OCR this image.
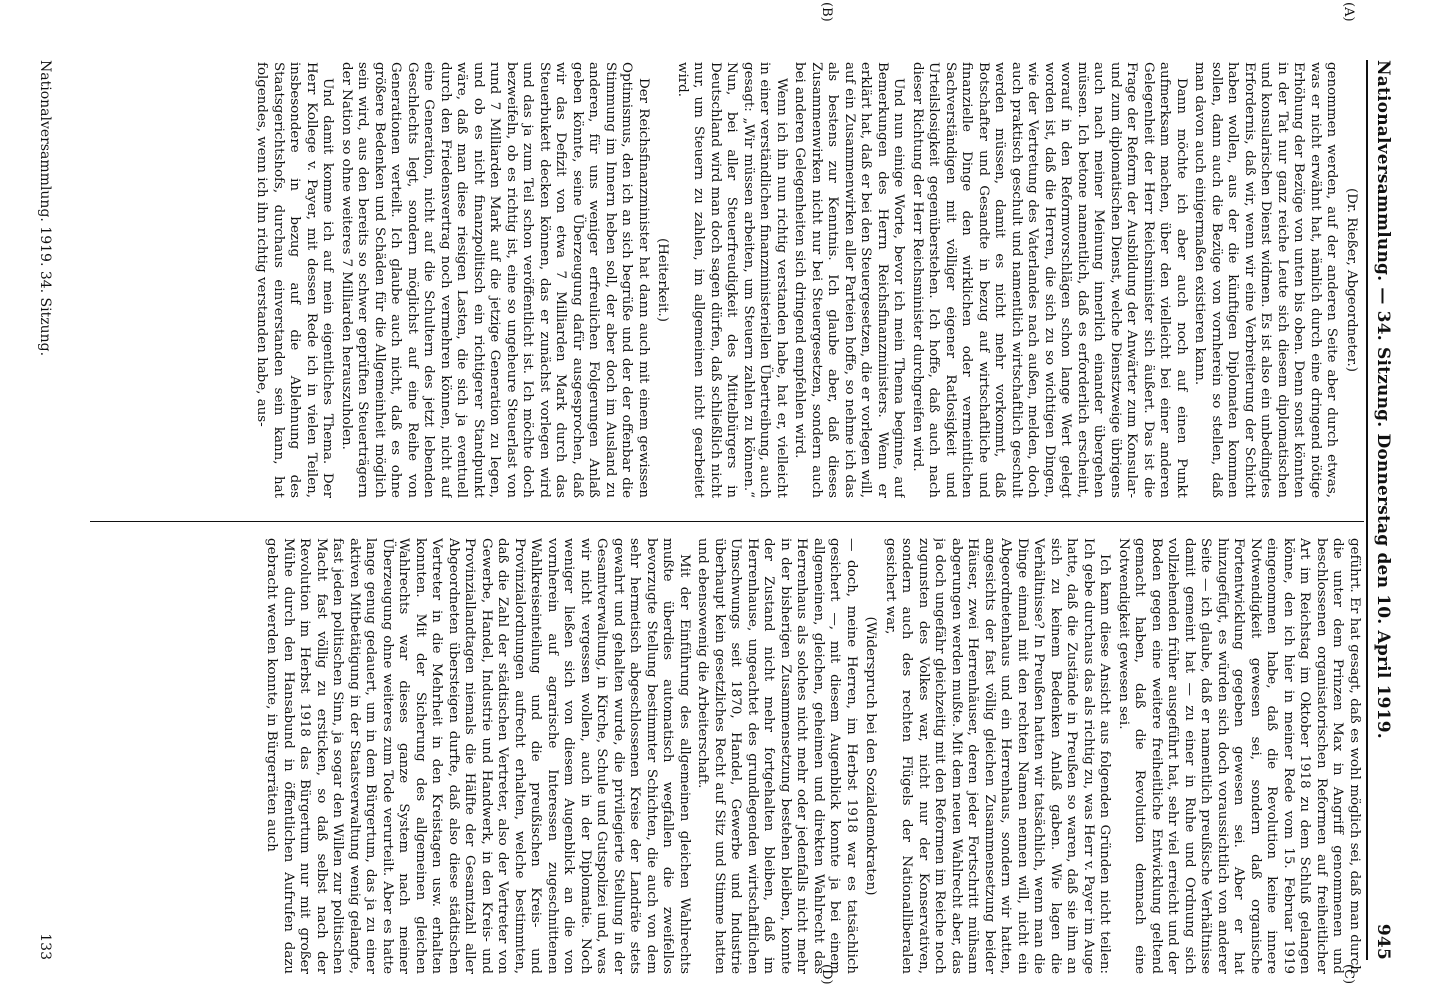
Nationalversammlung. — 34. Sitzung. Donnerstag den 10. April 1919.
945
(A)
(B)
(C)
(D)

(Dr. Rießer, Abgeordneter.)

genommen werden, auf der anderen Seite aber durch etwas, was er nicht erwähnt hat, nämlich durch eine dringend nötige Erhöhung der Bezüge von unten bis oben. Denn sonst könnten in der Tat nur ganz reiche Leute sich diesem diplomatischen und konsularischen Dienst widmen. Es ist also ein unbedingtes Erfordernis, daß wir, wenn wir eine Verbreiterung der Schicht haben wollen, aus der die künftigen Diplomaten kommen sollen, dann auch die Bezüge von vornherein so stellen, daß man davon auch einigermaßen existieren kann.

Dann möchte ich aber auch noch auf einen Punkt aufmerksam machen, über den vielleicht bei einer anderen Gelegenheit der Herr Reichsminister sich äußert. Das ist die Frage der Reform der Ausbildung der Anwärter zum Konsular- und zum diplomatischen Dienst, welche Dienstzweige übrigens auch nach meiner Meinung innerlich einander übergehen müssen. Ich betone namentlich, daß es erforderlich erscheint, worauf in den Reformvorschlägen schon lange Wert gelegt worden ist, daß die Herren, die sich zu so wichtigen Dingen, wie der Vertretung des Vaterlandes nach außen, melden, doch auch praktisch geschult und namentlich wirtschaftlich geschult werden müssen, damit es nicht mehr vorkommt, daß Botschafter und Gesandte in bezug auf wirtschaftliche und finanzielle Dinge den wirklichen oder vermeintlichen Sachverständigen mit völliger eigener Ratlosigkeit und Urteilslosigkeit gegenüberstehen. Ich hoffe, daß auch nach dieser Richtung der Herr Reichsminister durchgreifen wird.

Und nun einige Worte, bevor ich mein Thema beginne, auf Bemerkungen des Herrn Reichsfinanzministers. Wenn er erklärt hat, daß er bei den Steuergesetzen, die er vorlegen will, auf ein Zusammenwirken aller Parteien hoffe, so nehme ich das als bestens zur Kenntnis. Ich glaube aber, daß dieses Zusammenwirken nicht nur bei Steuergesetzen, sondern auch bei anderen Gelegenheiten sich dringend empfehlen wird.

Wenn ich ihn nun richtig verstanden habe, hat er, vielleicht in einer verständlichen finanzministeriellen Übertreibung, auch gesagt: „Wir müssen arbeiten, um Steuern zahlen zu können.“ Nun, bei aller Steuerfreudigkeit des Mittelbürgers in Deutschland wird man doch sagen dürfen, daß schließlich nicht nur, um Steuern zu zahlen, im allgemeinen nicht gearbeitet wird.

(Heiterkeit.)

Der Reichsfinanzminister hat dann auch mit einem gewissen Optimismus, den ich an sich begrüße und der der offenbar die Stimmung im Innern heben soll, der aber doch im Ausland zu anderen, für uns weniger erfreulichen Folgerungen Anlaß geben könnte, seine Überzeugung dafür ausgesprochen, daß wir das Defizit von etwa 7 Milliarden Mark durch das Steuerbukett decken können, das er zunächst vorlegen wird und das ja zum Teil schon veröffentlicht ist. Ich möchte doch bezweifeln, ob es richtig ist, eine so ungeheure Steuerlast von rund 7 Milliarden Mark auf die jetzige Generation zu legen, und ob es nicht finanzpolitisch ein richtigerer Standpunkt wäre, daß man diese riesigen Lasten, die sich ja eventuell durch den Friedensvertrag noch vermehren können, nicht auf eine Generation, nicht auf die Schultern des jetzt lebenden Geschlechts legt, sondern möglichst auf eine Reihe von Generationen verteilt. Ich glaube auch nicht, daß es ohne größere Bedenken und Schäden für die Allgemeinheit möglich sein wird, aus den bereits so schwer geprüften Steuerträgern der Nation so ohne weiteres 7 Milliarden herauszuholen.

Und damit komme ich auf mein eigentliches Thema. Der Herr Kollege v. Payer, mit dessen Rede ich in vielen Teilen, insbesondere in bezug auf die Ablehnung des Staatsgerichtshofs, durchaus einverstanden sein kann, hat folgendes, wenn ich ihn richtig verstanden habe, aus-

geführt. Er hat gesagt, daß es wohl möglich sei, daß man durch die unter dem Prinzen Max in Angriff genommenen und beschlossenen organisatorischen Reformen auf freiheitlicher Art im Reichstag im Oktober 1918 zu dem Schluß gelangen könne, den ich hier in meiner Rede vom 15. Februar 1919 eingenommen habe, daß die Revolution keine innere Notwendigkeit gewesen sei, sondern daß organische Fortentwicklung gegeben gewesen sei. Aber er hat hinzugefügt, es würden sich doch voraussichtlich von anderer Seite — ich glaube, daß er namentlich preußische Verhältnisse damit gemeint hat — zu einer in Ruhe und Ordnung sich vollziehenden früher ausgeführt hat, sehr viel erreicht und der Boden gegen eine weitere freiheitliche Entwicklung geltend gemacht haben, daß die Revolution demnach eine Notwendigkeit gewesen sei.

Ich kann diese Ansicht aus folgenden Gründen nicht teilen: Ich gebe durchaus das als richtig zu, was Herr v. Payer im Auge hatte, daß die Zustände in Preußen so waren, daß sie ihm an sich zu keinem Bedenken Anlaß gaben. Wie lagen die Verhältnisse? In Preußen hatten wir tatsächlich, wenn man die Dinge einmal mit den rechten Namen nennen will, nicht ein Abgeordnetenhaus und ein Herrenhaus, sondern wir hatten, angesichts der fast völlig gleichen Zusammensetzung beider Häuser, zwei Herrenhäuser, deren jeder Fortschritt mühsam abgerungen werden mußte. Mit dem neuen Wahlrecht aber, das ja doch ungefähr gleichzeitig mit den Reformen im Reiche noch zugunsten des Volkes war, nicht nur der Konservativen, sondern auch des rechten Flügels der Nationalliberalen gesichert war,

(Widerspruch bei den Sozialdemokraten)

— doch, meine Herren, im Herbst 1918 war es tatsächlich gesichert —, mit diesem Augenblick konnte ja bei einem allgemeinen, gleichen, geheimen und direkten Wahlrecht das Herrenhaus als solches nicht mehr oder jedenfalls nicht mehr in der bisherigen Zusammensetzung bestehen bleiben, konnte der Zustand nicht mehr fortgehalten bleiben, daß im Herrenhause, ungeachtet des grundlegenden wirtschaftlichen Umschwungs seit 1870, Handel, Gewerbe und Industrie überhaupt kein gesetzliches Recht auf Sitz und Stimme hatten und ebensowenig die Arbeiterschaft.

Mit der Einführung des allgemeinen gleichen Wahlrechts mußte überdies automatisch wegfallen die zweifellos bevorzugte Stellung bestimmter Schichten, die auch von dem sehr hermetisch abgeschlossenen Kreise der Landräte stets gewahrt und gehalten wurde, die privilegierte Stellung in der Gesamtverwaltung, in Kirche, Schule und Gutspolizei und, was wir nicht vergessen wollen, auch in der Diplomatie. Noch weniger ließen sich von diesem Augenblick an die von vornherein auf agrarische Interessen zugeschnittenen Wahlkreiseinteilung und die preußischen Kreis- und Provinzialordnungen aufrecht erhalten, welche bestimmten, daß die Zahl der städtischen Vertreter, also der Vertreter von Gewerbe, Handel, Industrie und Handwerk, in den Kreis- und Provinziallandtagen niemals die Hälfte der Gesamtzahl aller Abgeordneten übersteigen durfte, daß also diese städtischen Vertreter in die Mehrheit in den Kreistagen usw. erhalten konnten. Mit der Sicherung des allgemeinen gleichen Wahlrechts war dieses ganze System nach meiner Überzeugung ohne weiteres zum Tode verurteilt. Aber es hatte lange genug gedauert, um in dem Bürgertum, das ja zu einer aktiven Mitbetätigung in der Staatsverwaltung wenig gelangte, fast jeden politischen Sinn, ja sogar den Willen zur politischen Macht fast völlig zu ersticken, so daß selbst nach der Revolution im Herbst 1918 das Bürgertum nur mit großer Mühe durch den Hansabund in öffentlichen Aufrufen dazu gebracht werden konnte, in Bürgerräten auch

Nationalversammlung. 1919. 34. Sitzung.
133
